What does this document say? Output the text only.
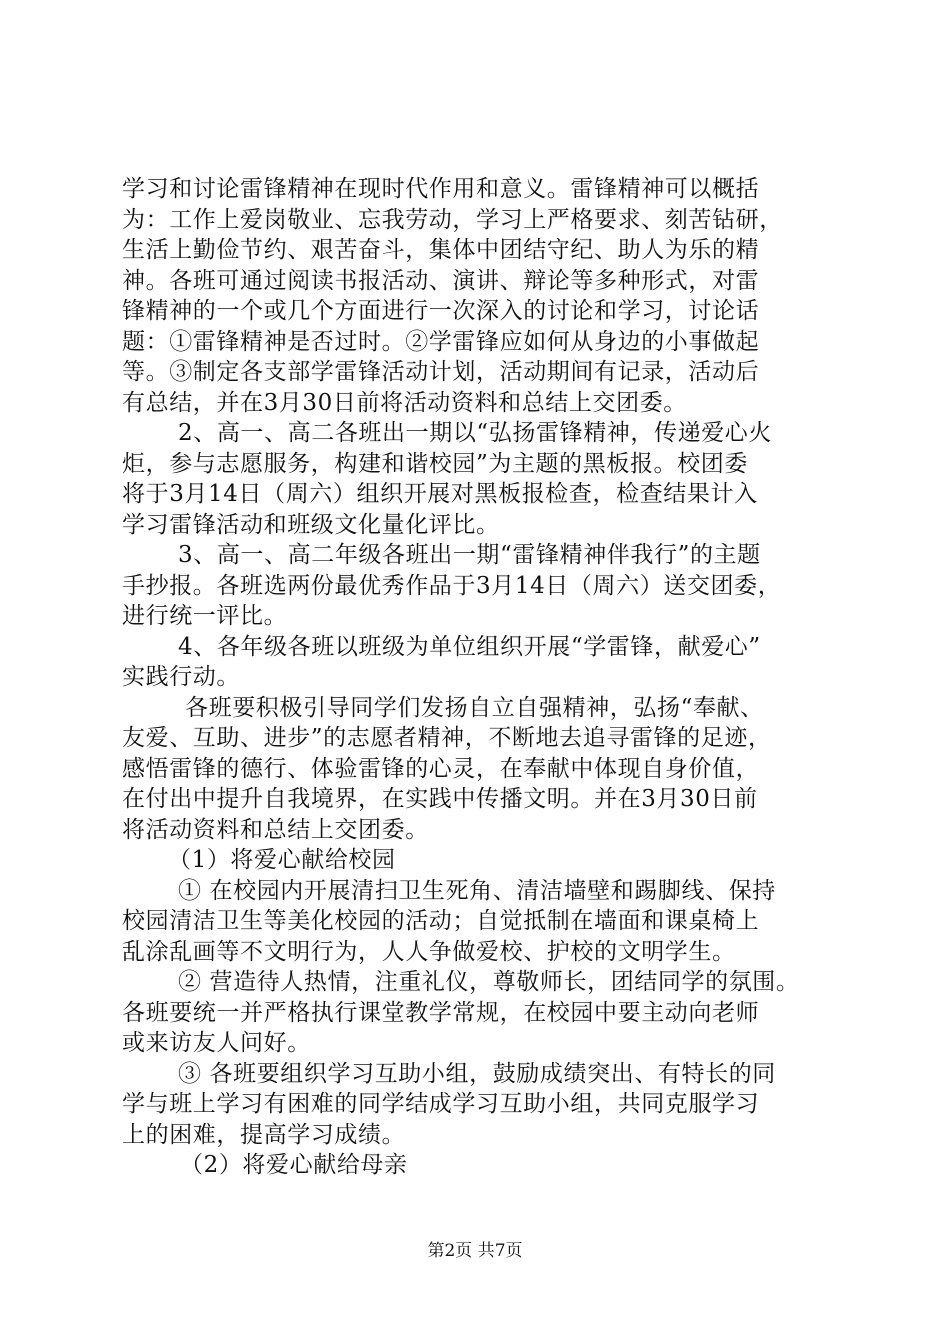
学习和讨论雷锋精神在现时代作用和意义。雷锋精神可以概括
为：工作上爱岗敬业、忘我劳动，学习上严格要求、刻苦钻研，
生活上勤俭节约、艰苦奋斗，集体中团结守纪、助人为乐的精
神。各班可通过阅读书报活动、演讲、辩论等多种形式，对雷
锋精神的一个或几个方面进行一次深入的讨论和学习，讨论话
题：①雷锋精神是否过时。②学雷锋应如何从身边的小事做起
等。③制定各支部学雷锋活动计划，活动期间有记录，活动后
有总结，并在3月30日前将活动资料和总结上交团委。
2、高一、高二各班出一期以“弘扬雷锋精神，传递爱心火
炬，参与志愿服务，构建和谐校园”为主题的黑板报。校团委
将于3月14日（周六）组织开展对黑板报检查，检查结果计入
学习雷锋活动和班级文化量化评比。
3、高一、高二年级各班出一期“雷锋精神伴我行”的主题
手抄报。各班选两份最优秀作品于3月14日（周六）送交团委，
进行统一评比。
4、各年级各班以班级为单位组织开展“学雷锋，献爱心”
实践行动。
各班要积极引导同学们发扬自立自强精神，弘扬“奉献、
友爱、互助、进步”的志愿者精神，不断地去追寻雷锋的足迹，
感悟雷锋的德行、体验雷锋的心灵，在奉献中体现自身价值，
在付出中提升自我境界，在实践中传播文明。并在3月30日前
将活动资料和总结上交团委。
（1）将爱心献给校园
① 在校园内开展清扫卫生死角、清洁墙壁和踢脚线、保持
校园清洁卫生等美化校园的活动；自觉抵制在墙面和课桌椅上
乱涂乱画等不文明行为，人人争做爱校、护校的文明学生。
② 营造待人热情，注重礼仪，尊敬师长，团结同学的氛围。
各班要统一并严格执行课堂教学常规，在校园中要主动向老师
或来访友人问好。
③ 各班要组织学习互助小组，鼓励成绩突出、有特长的同
学与班上学习有困难的同学结成学习互助小组，共同克服学习
上的困难，提高学习成绩。
（2）将爱心献给母亲
第2页 共7页
